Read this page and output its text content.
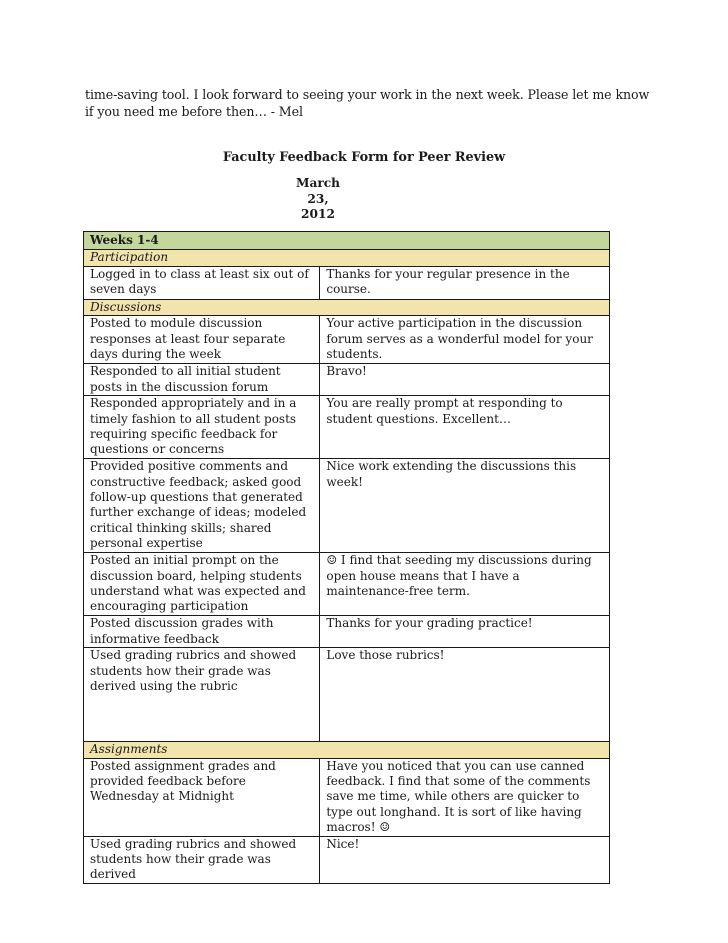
time-saving tool. I look forward to seeing your work in the next week. Please let me know if you need me before then… - Mel
Faculty Feedback Form for Peer Review
March
23,
2012
Weeks 1-4	
Participation	
Logged in to class at least six out of seven days	Thanks for your regular presence in the course.
Discussions	
Posted to module discussion responses at least four separate days during the week	Your active participation in the discussion forum serves as a wonderful model for your students.
Responded to all initial student posts in the discussion forum	Bravo!
Responded appropriately and in a timely fashion to all student posts requiring specific feedback for questions or concerns	You are really prompt at responding to student questions. Excellent…
Provided positive comments and constructive feedback; asked good follow-up questions that generated further exchange of ideas; modeled critical thinking skills; shared personal expertise	Nice work extending the discussions this week!
Posted an initial prompt on the discussion board, helping students understand what was expected and encouraging participation	☺ I find that seeding my discussions during open house means that I have a maintenance-free term.
Posted discussion grades with informative feedback	Thanks for your grading practice!
Used grading rubrics and showed students how their grade was derived using the rubric	Love those rubrics!
Assignments	
Posted assignment grades and provided feedback before Wednesday at Midnight	Have you noticed that you can use canned feedback. I find that some of the comments save me time, while others are quicker to type out longhand. It is sort of like having macros! ☺
Used grading rubrics and showed students how their grade was derived	Nice!
